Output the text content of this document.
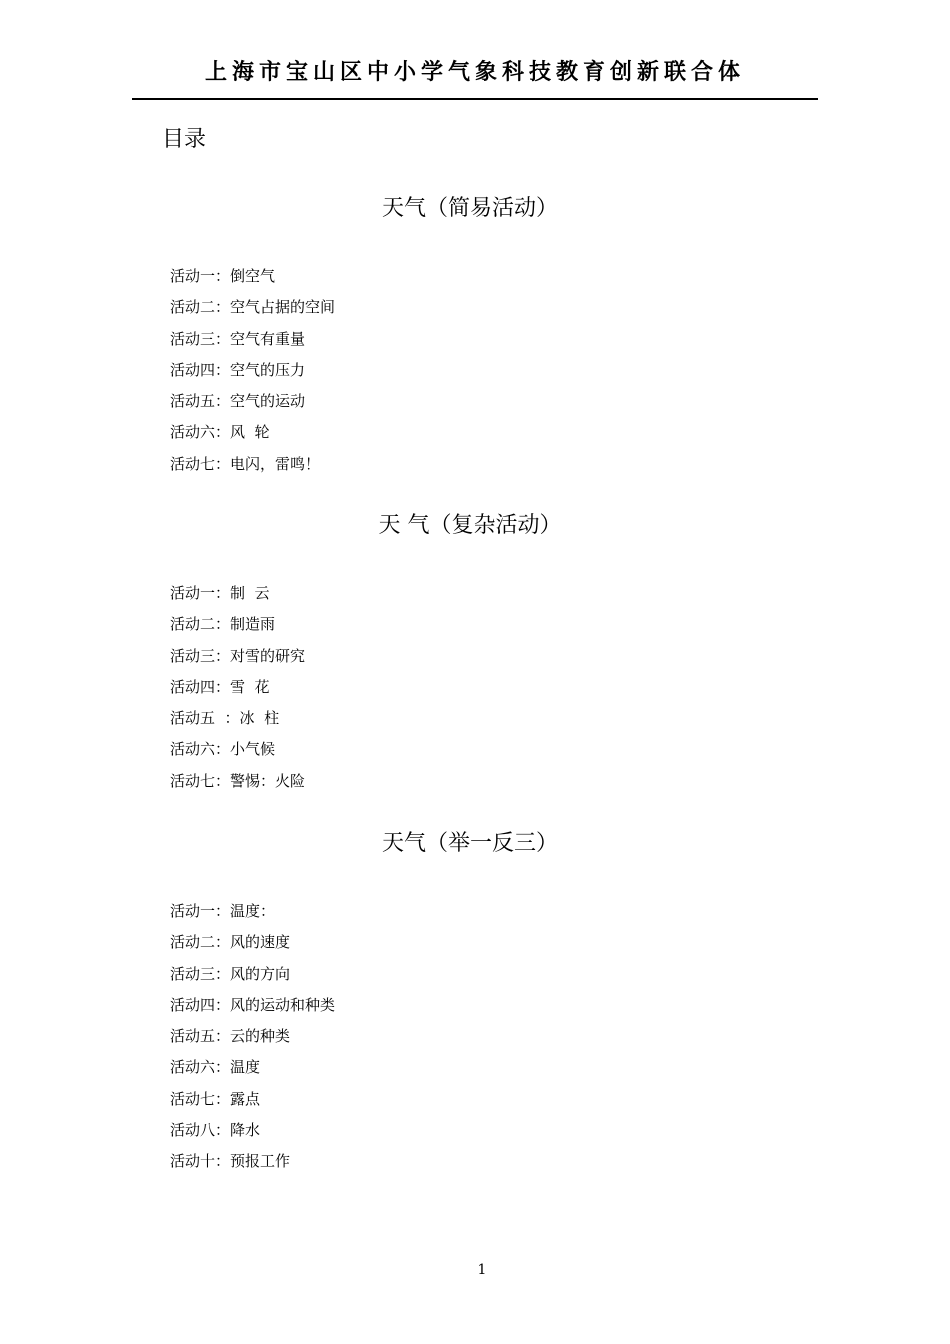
上海市宝山区中小学气象科技教育创新联合体
目录
天气（简易活动）
活动一：倒空气
活动二：空气占据的空间
活动三：空气有重量
活动四：空气的压力
活动五：空气的运动
活动六：风  轮
活动七：电闪，雷鸣！
天 气（复杂活动）
活动一：制  云
活动二：制造雨
活动三：对雪的研究
活动四：雪  花
活动五  ：冰  柱
活动六：小气候
活动七：警惕：火险
天气（举一反三）
活动一：温度：
活动二：风的速度
活动三：风的方向
活动四：风的运动和种类
活动五：云的种类
活动六：温度
活动七：露点
活动八：降水
活动十：预报工作
1
